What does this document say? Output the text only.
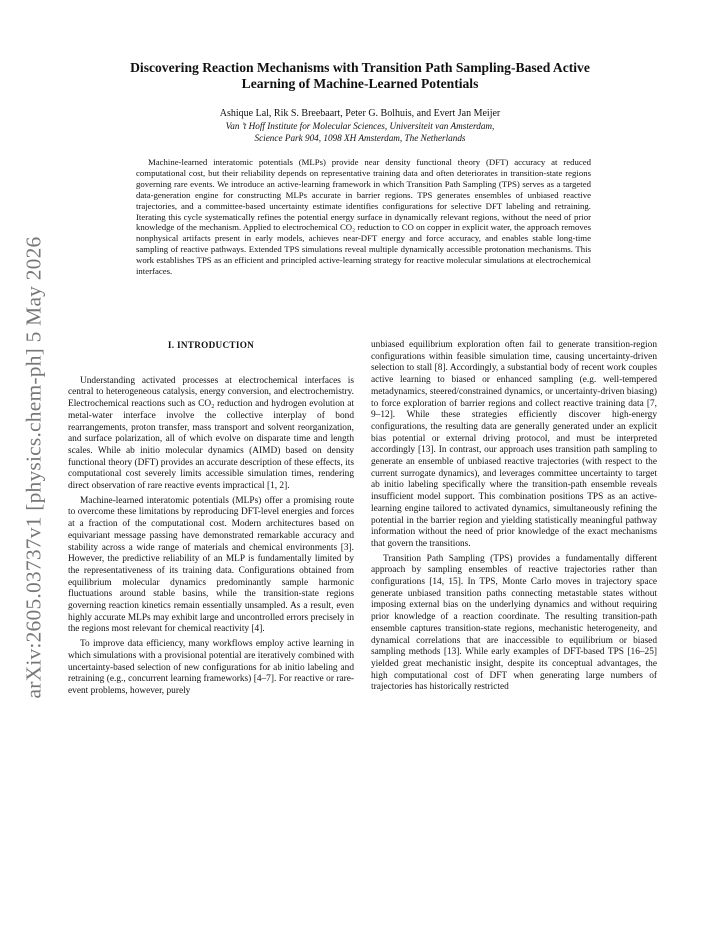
arXiv:2605.03737v1 [physics.chem-ph] 5 May 2026
Discovering Reaction Mechanisms with Transition Path Sampling-Based Active
Learning of Machine-Learned Potentials
Ashique Lal, Rik S. Breebaart, Peter G. Bolhuis, and Evert Jan Meijer
Van ’t Hoff Institute for Molecular Sciences, Universiteit van Amsterdam,
Science Park 904, 1098 XH Amsterdam, The Netherlands

Machine-learned interatomic potentials (MLPs) provide near density functional theory (DFT) accuracy at reduced computational cost, but their reliability depends on representative training data and often deteriorates in transition-state regions governing rare events. We introduce an active-learning framework in which Transition Path Sampling (TPS) serves as a targeted data-generation engine for constructing MLPs accurate in barrier regions. TPS generates ensembles of unbiased reactive trajectories, and a committee-based uncertainty estimate identifies configurations for selective DFT labeling and retraining. Iterating this cycle systematically refines the potential energy surface in dynamically relevant regions, without the need of prior knowledge of the mechanism. Applied to electrochemical CO₂ reduction to CO on copper in explicit water, the approach removes nonphysical artifacts present in early models, achieves near-DFT energy and force accuracy, and enables stable long-time sampling of reactive pathways. Extended TPS simulations reveal multiple dynamically accessible protonation mechanisms. This work establishes TPS as an efficient and principled active-learning strategy for reactive molecular simulations at electrochemical interfaces.

I. INTRODUCTION

Understanding activated processes at electrochemical interfaces is central to heterogeneous catalysis, energy conversion, and electrochemistry. Electrochemical reactions such as CO₂ reduction and hydrogen evolution at metal-water interface involve the collective interplay of bond rearrangements, proton transfer, mass transport and solvent reorganization, and surface polarization, all of which evolve on disparate time and length scales. While ab initio molecular dynamics (AIMD) based on density functional theory (DFT) provides an accurate description of these effects, its computational cost severely limits accessible simulation times, rendering direct observation of rare reactive events impractical [1, 2].

Machine-learned interatomic potentials (MLPs) offer a promising route to overcome these limitations by reproducing DFT-level energies and forces at a fraction of the computational cost. Modern architectures based on equivariant message passing have demonstrated remarkable accuracy and stability across a wide range of materials and chemical environments [3]. However, the predictive reliability of an MLP is fundamentally limited by the representativeness of its training data. Configurations obtained from equilibrium molecular dynamics predominantly sample harmonic fluctuations around stable basins, while the transition-state regions governing reaction kinetics remain essentially unsampled. As a result, even highly accurate MLPs may exhibit large and uncontrolled errors precisely in the regions most relevant for chemical reactivity [4].

To improve data efficiency, many workflows employ active learning in which simulations with a provisional potential are iteratively combined with uncertainty-based selection of new configurations for ab initio labeling and retraining (e.g., concurrent learning frameworks) [4–7]. For reactive or rare-event problems, however, purely

unbiased equilibrium exploration often fail to generate transition-region configurations within feasible simulation time, causing uncertainty-driven selection to stall [8]. Accordingly, a substantial body of recent work couples active learning to biased or enhanced sampling (e.g. well-tempered metadynamics, steered/constrained dynamics, or uncertainty-driven biasing) to force exploration of barrier regions and collect reactive training data [7, 9–12]. While these strategies efficiently discover high-energy configurations, the resulting data are generally generated under an explicit bias potential or external driving protocol, and must be interpreted accordingly [13]. In contrast, our approach uses transition path sampling to generate an ensemble of unbiased reactive trajectories (with respect to the current surrogate dynamics), and leverages committee uncertainty to target ab initio labeling specifically where the transition-path ensemble reveals insufficient model support. This combination positions TPS as an active-learning engine tailored to activated dynamics, simultaneously refining the potential in the barrier region and yielding statistically meaningful pathway information without the need of prior knowledge of the exact mechanisms that govern the transitions.

Transition Path Sampling (TPS) provides a fundamentally different approach by sampling ensembles of reactive trajectories rather than configurations [14, 15]. In TPS, Monte Carlo moves in trajectory space generate unbiased transition paths connecting metastable states without imposing external bias on the underlying dynamics and without requiring prior knowledge of a reaction coordinate. The resulting transition-path ensemble captures transition-state regions, mechanistic heterogeneity, and dynamical correlations that are inaccessible to equilibrium or biased sampling methods [13]. While early examples of DFT-based TPS [16–25] yielded great mechanistic insight, despite its conceptual advantages, the high computational cost of DFT when generating large numbers of trajectories has historically restricted
